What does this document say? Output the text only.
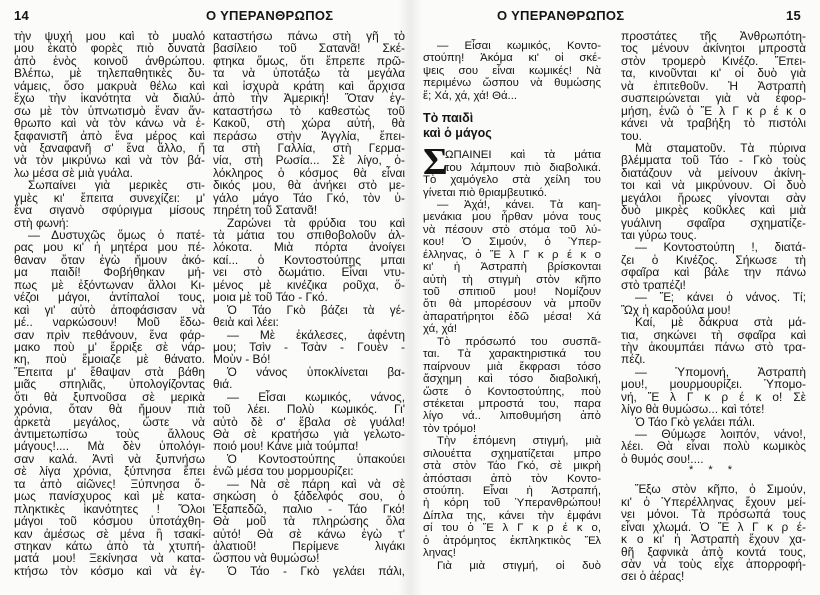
14	Ο ΥΠΕΡΑΝΘΡΩΠΟΣ	Ο ΥΠΕΡΑΝΘΡΩΠΟΣ	15
τὴν ψυχή μου καὶ τὸ μυαλό
μου ἑκατὸ φορὲς πιὸ δυνατὰ
ἀπὸ ἑνὸς κοινοῦ ἀνθρώπου.
Βλέπω, μὲ τηλεπαθητικὲς δυ-
νάμεις, ὅσο μακρυὰ θέλω καὶ
ἔχω τὴν ἱκανότητα νὰ διαλύ-
σω μὲ τὸν ὑπνωτισμὸ ἕναν ἄν-
θρωπο καὶ νὰ τὸν κάνω νὰ ἐ-
ξαφανιστῆ ἀπὸ ἕνα μέρος καὶ
νὰ ξαναφανῆ σ' ἕνα ἄλλο, ἤ
νὰ τὸν μικρύνω καὶ νὰ τὸν βά-
λω μέσα σὲ μιὰ γυάλα.
Σωπαίνει γιὰ μερικὲς στι-
γμὲς κι' ἔπειτα συνεχίζει: μ'
ἕνα σιγανὸ σφύριγμα μίσους
στὴ φωνή:
— Δυστυχῶς ὅμως ὁ πατέ-
ρας μου κι' ἡ μητέρα μου πέ-
θαναν ὅταν ἐγὼ ἤμουν ἀκό-
μα παιδί! Φοβήθηκαν μή-
πως μὲ ἐξόντωναν ἄλλοι Κι-
νέζοι μάγοι, ἀντίπαλοί τους,
καὶ γι' αὐτὸ ἀποφάσισαν νὰ
μέ.. ναρκώσουν! Μοῦ ἔδω-
σαν πρὶν πεθάνουν, ἕνα φάρ-
μακο ποὺ μ' ἔρριξε σὲ νάρ-
κη, ποὺ ἔμοιαζε μὲ θάνατο.
Ἔπειτα μ' ἔθαψαν στὰ βάθη
μιᾶς σπηλιᾶς, ὑπολογίζοντας
ὅτι θὰ ξυπνοῦσα σὲ μερικὰ
χρόνια, ὅταν θὰ ἤμουν πιὰ
ἀρκετὰ μεγάλος, ὥστε νὰ
ἀντιμετωπίσω τοὺς ἄλλους
μάγους!.... Μὰ δὲν ὑπολόγι-
σαν καλά. Ἀντὶ νὰ ξυπνήσω
σὲ λίγα χρόνια, ξύπνησα ἔπει
τα ἀπὸ αἰῶνες! Ξύπνησα ὅ-
μως πανίσχυρος καὶ μὲ κατα-
πληκτικὲς ἱκανότητες ! Ὅλοι
μάγοι τοῦ κόσμου ὑποτάχθη-
καν ἀμέσως σὲ μένα ἢ τσακί-
στηκαν κάτω ἀπὸ τὰ χτυπή-
ματά μου! Ξεκίνησα νὰ κατα-
κτήσω τὸν κόσμο καὶ νὰ ἐγ-
καταστήσω πάνω στὴ γῆ τὸ
βασίλειο τοῦ Σατανᾶ! Σκέ-
φτηκα ὅμως, ὅτι ἔπρεπε πρῶ-
τα νὰ ὑποτάξω τὰ μεγάλα
καὶ ἰσχυρὰ κράτη καὶ ἄρχισα
ἀπὸ τὴν Ἀμερική! Ὅταν ἐγ-
καταστήσω τὸ καθεστὼς τοῦ
Κακοῦ, στὴ χώρα αὐτή, θὰ
περάσω στὴν Ἀγγλία, ἔπει-
τα στὴ Γαλλία, στὴ Γερμα-
νία, στὴ Ρωσία... Σὲ λίγο, ὁ-
λόκληρος ὁ κόσμος θὰ εἶναι
δικός μου, θὰ ἀνήκει στὸ με-
γάλο μάγο Τάο Γκό, τὸν ὑ-
πηρέτη τοῦ Σατανᾶ!
Ζαρώνει τὰ φρύδια του καὶ
τὰ μάτια του σπιθοβολοῦν ἀλ-
λόκοτα. Μιὰ πόρτα ἀνοίγει
καί... ὁ Κοντοστούπης μπαι
νει στὸ δωμάτιο. Εἶναι ντυ-
μένος μὲ κινέζικα ροῦχα, ὅ-
μοια μὲ τοῦ Τάο - Γκό.
Ὁ Τάο Γκὸ βάζει τὰ γέ-
θειὰ καὶ λέει:
— Μὲ ἐκάλεσες, ἀφέντη
μου; Τσὶν - Τσὰν - Γουὲν -
Μοὺν - Βό!
Ὁ νάνος ὑποκλίνεται βα-
θιά.
— Εἶσαι κωμικός, νάνος,
τοῦ λέει. Πολὺ κωμικός. Γι'
αὐτὸ δὲ σ' ἔβαλα σὲ γυάλα!
Θὰ σὲ κρατήσω γιὰ γελωτο-
ποιό μου! Κάνε μιὰ τούμπα!
Ὁ Κοντοστούπης ὑπακούει
ἐνῶ μέσα του μορμουρίζει:
— Νὰ σὲ πάρη καὶ νὰ σὲ
σηκώση ὁ ξάδελφός σου, ὁ
Ἐξαπεδῶ, παλιο - Τάο Γκό!
Θὰ μοῦ τὰ πληρώσης ὅλα
αὐτό! Θὰ σὲ κάνω ἐγὼ τ'
ἀλατιοῦ! Περίμενε λιγάκι
ὥσπου νὰ θυμώσω!
Ὁ Τάο - Γκὸ γελάει πάλι,
— Εἶσαι κωμικός, Κοντο-
στούπη! Ἀκόμα κι' οἱ σκέ-
ψεις σου εἶναι κωμικές! Νὰ
περιμένω ὥσπου νὰ θυμώσης
ἔ; Χά, χά, χά! Θά...
Τὸ παιδὶ
καὶ ὁ μάγος
Σ
ΩΠΑΙΝΕΙ καὶ τὰ μάτια
του λάμπουν πιὸ διαβολικά.
Τὸ χαμόγελο στὰ χείλη του
γίνεται πιὸ θριαμβευτικό.
— Ἀχά!, κάνει. Τὰ καη-
μενάκια μου ἦρθαν μόνα τους
νὰ πέσουν στὸ στόμα τοῦ λύ-
κου! Ὁ Σιμούν, ὁ Ὑπερ-
έλληνας, ὁ Ἔ λ Γ κ ρ έ κ ο
κι' ἡ Ἀστραπὴ βρίσκονται
αὐτὴ τὴ στιγμὴ στὸν κῆπο
τοῦ σπιτιοῦ μου! Νομίζουν
ὅτι θὰ μπορέσουν νὰ μποῦν
ἀπαρατήρητοι ἐδῶ μέσα! Χά
χά, χά!
Τὸ πρόσωπό του συσπᾶ-
ται. Τὰ χαρακτηριστικά του
παίρνουν μιὰ ἔκφρασι τόσο
ἄσχημη καὶ τόσο διαβολική,
ὥστε ὁ Κοντοστούπης, ποὺ
στέκεται μπροστά του, παρα
λίγο νά.. λιποθυμήση ἀπὸ
τὸν τρόμο!
Τὴν ἑπόμενη στιγμή, μιὰ
σιλουέττα σχηματίζεται μπρο
στὰ στὸν Τάο Γκό, σὲ μικρὴ
ἀπόστασι ἀπὸ τὸν Κοντο-
στούπη. Εἶναι ἡ Ἀστραπή,
ἡ κόρη τοῦ Ὑπερανθρώπου!
Δίπλα της, κάνει τὴν ἐμφάνι
σί του ὁ Ἔ λ Γ κ ρ έ κ ο,
ὁ ἀτρόμητος ἐκπληκτικὸς Ἕλ
ληνας!
Γιὰ μιὰ στιγμή, οἱ δυὸ
προστάτες τῆς Ἀνθρωπότη-
τος μένουν ἀκίνητοι μπροστὰ
στὸν τρομερὸ Κινέζο. Ἔπει-
τα, κινοῦνται κι' οἱ δυὸ γιὰ
νὰ ἐπιτεθοῦν. Ἡ Ἀστραπὴ
συσπειρώνεται γιὰ νὰ ἐφορ-
μήση, ἐνῶ ὁ Ἔ λ Γ κ ρ έ κ ο
κάνει νὰ τραβήξη τὸ πιστόλι
του.
Μὰ σταματοῦν. Τὰ πύρινα
βλέμματα τοῦ Τάο - Γκὸ τοὺς
διατάζουν νὰ μείνουν ἀκίνη-
τοι καὶ νὰ μικρύνουν. Οἱ δυὸ
μεγάλοι ἥρωες γίνονται σὰν
δυὸ μικρὲς κοῦκλες καὶ μιὰ
γυάλινη σφαῖρα σχηματίζε-
ται γύρω τους.
— Κοντοστούπη !, διατά-
ζει ὁ Κινέζος. Σήκωσε τὴ
σφαῖρα καὶ βάλε την πάνω
στὸ τραπέζι!
— Ἔ; κάνει ὁ νάνος. Τί;
Ὢχ ἡ καρδούλα μου!
Καί, μὲ δάκρυα στὰ μά-
τια, σηκώνει τὴ σφαῖρα καὶ
τὴν ἀκουμπάει πάνω στὸ τρα-
πέζι.
— Ὑπομονή, Ἀστραπὴ
μου!, μουρμουρίζει. Ὑπομο-
νή, Ἔ λ Γ κ ρ έ κ ο! Σὲ
λίγο θὰ θυμώσω... καὶ τότε!
Ὁ Τάο Γκὸ γελάει πάλι.
— Θύμωσε λοιπόν, νάνο!,
λέει. Θὰ εἶναι πολὺ κωμικὸς
ὁ θυμός σου!....
* * *
Ἔξω στὸν κῆπο, ὁ Σιμούν,
κι' ὁ Ὑπερέλληνας ἔχουν μεί-
νει μόνοι. Τὰ πρόσωπά τους
εἶναι χλωμά. Ὁ Ἔ λ Γ κ ρ έ-
κ ο κι' ἡ Ἀστραπὴ ἔχουν χα-
θῆ ξαφνικὰ ἀπὸ κοντά τους,
σὰν νὰ τοὺς εἶχε ἀπορροφή-
σει ὁ ἀέρας!
